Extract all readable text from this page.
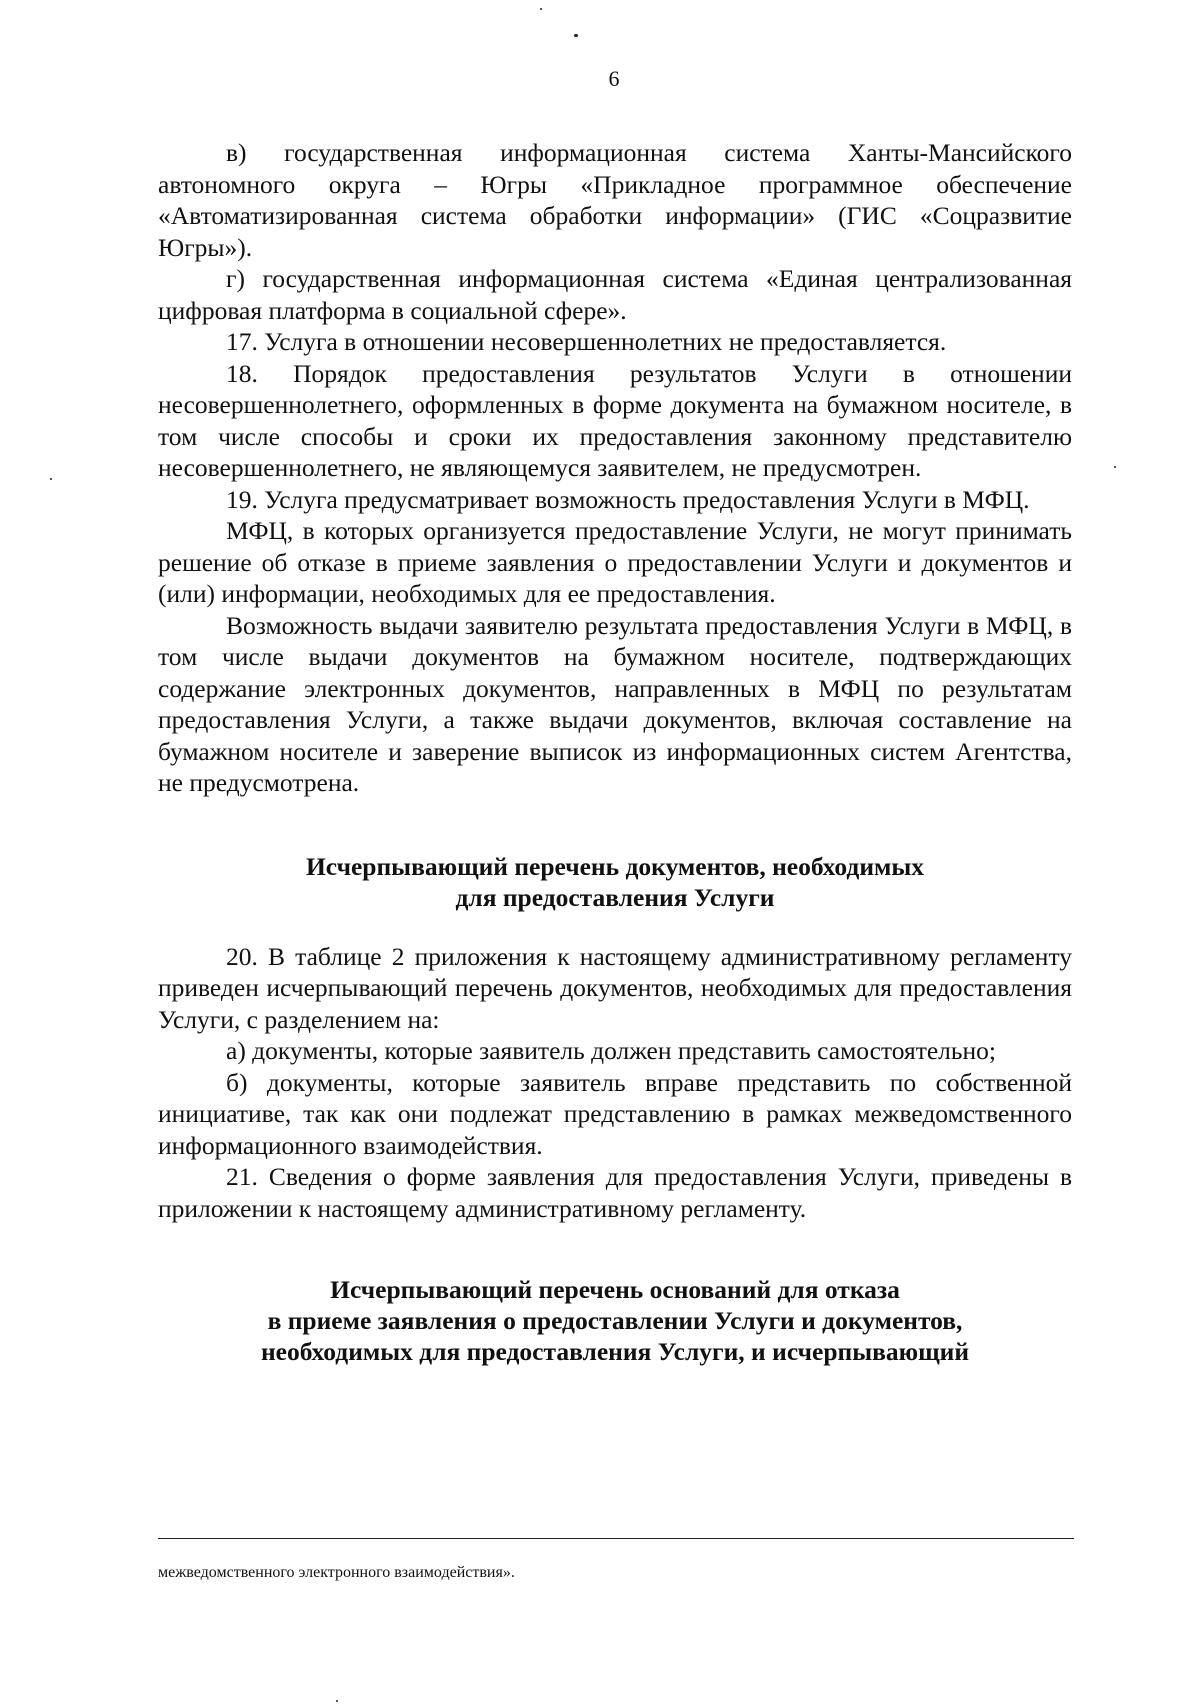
6

в) государственная информационная система Ханты-Мансийского автономного округа – Югры «Прикладное программное обеспечение «Автоматизированная система обработки информации» (ГИС «Соцразвитие Югры»).

г) государственная информационная система «Единая централизованная цифровая платформа в социальной сфере».

17. Услуга в отношении несовершеннолетних не предоставляется.

18. Порядок предоставления результатов Услуги в отношении несовершеннолетнего, оформленных в форме документа на бумажном носителе, в том числе способы и сроки их предоставления законному представителю несовершеннолетнего, не являющемуся заявителем, не предусмотрен.

19. Услуга предусматривает возможность предоставления Услуги в МФЦ.

МФЦ, в которых организуется предоставление Услуги, не могут принимать решение об отказе в приеме заявления о предоставлении Услуги и документов и (или) информации, необходимых для ее предоставления.

Возможность выдачи заявителю результата предоставления Услуги в МФЦ, в том числе выдачи документов на бумажном носителе, подтверждающих содержание электронных документов, направленных в МФЦ по результатам предоставления Услуги, а также выдачи документов, включая составление на бумажном носителе и заверение выписок из информационных систем Агентства, не предусмотрена.

Исчерпывающий перечень документов, необходимых
для предоставления Услуги

20. В таблице 2 приложения к настоящему административному регламенту приведен исчерпывающий перечень документов, необходимых для предоставления Услуги, с разделением на:

а) документы, которые заявитель должен представить самостоятельно;

б) документы, которые заявитель вправе представить по собственной инициативе, так как они подлежат представлению в рамках межведомственного информационного взаимодействия.

21. Сведения о форме заявления для предоставления Услуги, приведены в приложении к настоящему административному регламенту.

Исчерпывающий перечень оснований для отказа
в приеме заявления о предоставлении Услуги и документов,
необходимых для предоставления Услуги, и исчерпывающий
межведомственного электронного взаимодействия».
